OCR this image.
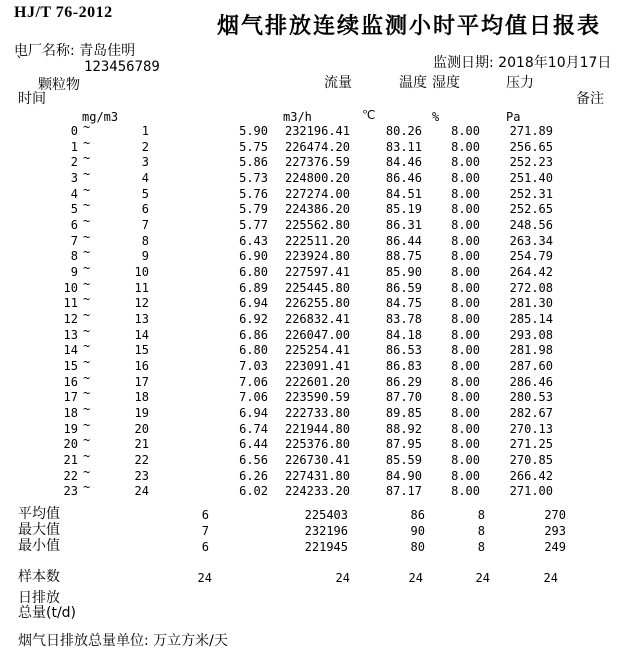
HJ/T 76-2012
烟气排放连续监测小时平均值日报表
电厂名称: 青岛佳明
`	123456789	监测日期: 2018年10月17日
颗粒物	流量	温度 湿度	压力
时间	备注
mg/m3	m3/h	℃	%	Pa
0	1	5.90 232196.41	80.26 8.00 271.89
~
1	2	5.75 226474.20	83.11 8.00 256.65
~
2	3	5.86 227376.59	84.46 8.00 252.23
~
3	4	5.73 224800.20	86.46 8.00 251.40
~
4	5	5.76 227274.00	84.51 8.00 252.31
~
5	6	5.79 224386.20	85.19 8.00 252.65
~
6	7	5.77 225562.80	86.31 8.00 248.56
~
7	8	6.43 222511.20	86.44 8.00 263.34
~
8	9	6.90 223924.80	88.75 8.00 254.79
~
9	10	6.80 227597.41	85.90 8.00 264.42
~
10	11	6.89 225445.80	86.59 8.00 272.08
~
11	12	6.94 226255.80	84.75 8.00 281.30
~
12	13	6.92 226832.41	83.78 8.00 285.14
~
13	14	6.86 226047.00	84.18 8.00 293.08
~
14	15	6.80 225254.41	86.53 8.00 281.98
~
15	16	7.03 223091.41	86.83 8.00 287.60
~
16	17	7.06 222601.20	86.29 8.00 286.46
~
17	18	7.06 223590.59	87.70 8.00 280.53
~
18	19	6.94 222733.80	89.85 8.00 282.67
~
19	20	6.74 221944.80	88.92 8.00 270.13
~
20	21	6.44 225376.80	87.95 8.00 271.25
~
21	22	6.56 226730.41	85.59 8.00 270.85
~
22	23	6.26 227431.80	84.90 8.00 266.42
~
23	24	6.02 224233.20	87.17 8.00 271.00
~
平均值	6	225403	86	8	270
最大值	7	232196	90	8	293
最小值	6	221945	80	8	249
样本数	24	24	24	24	24
日排放
总量(t/d)
烟气日排放总量单位: 万立方米/天
